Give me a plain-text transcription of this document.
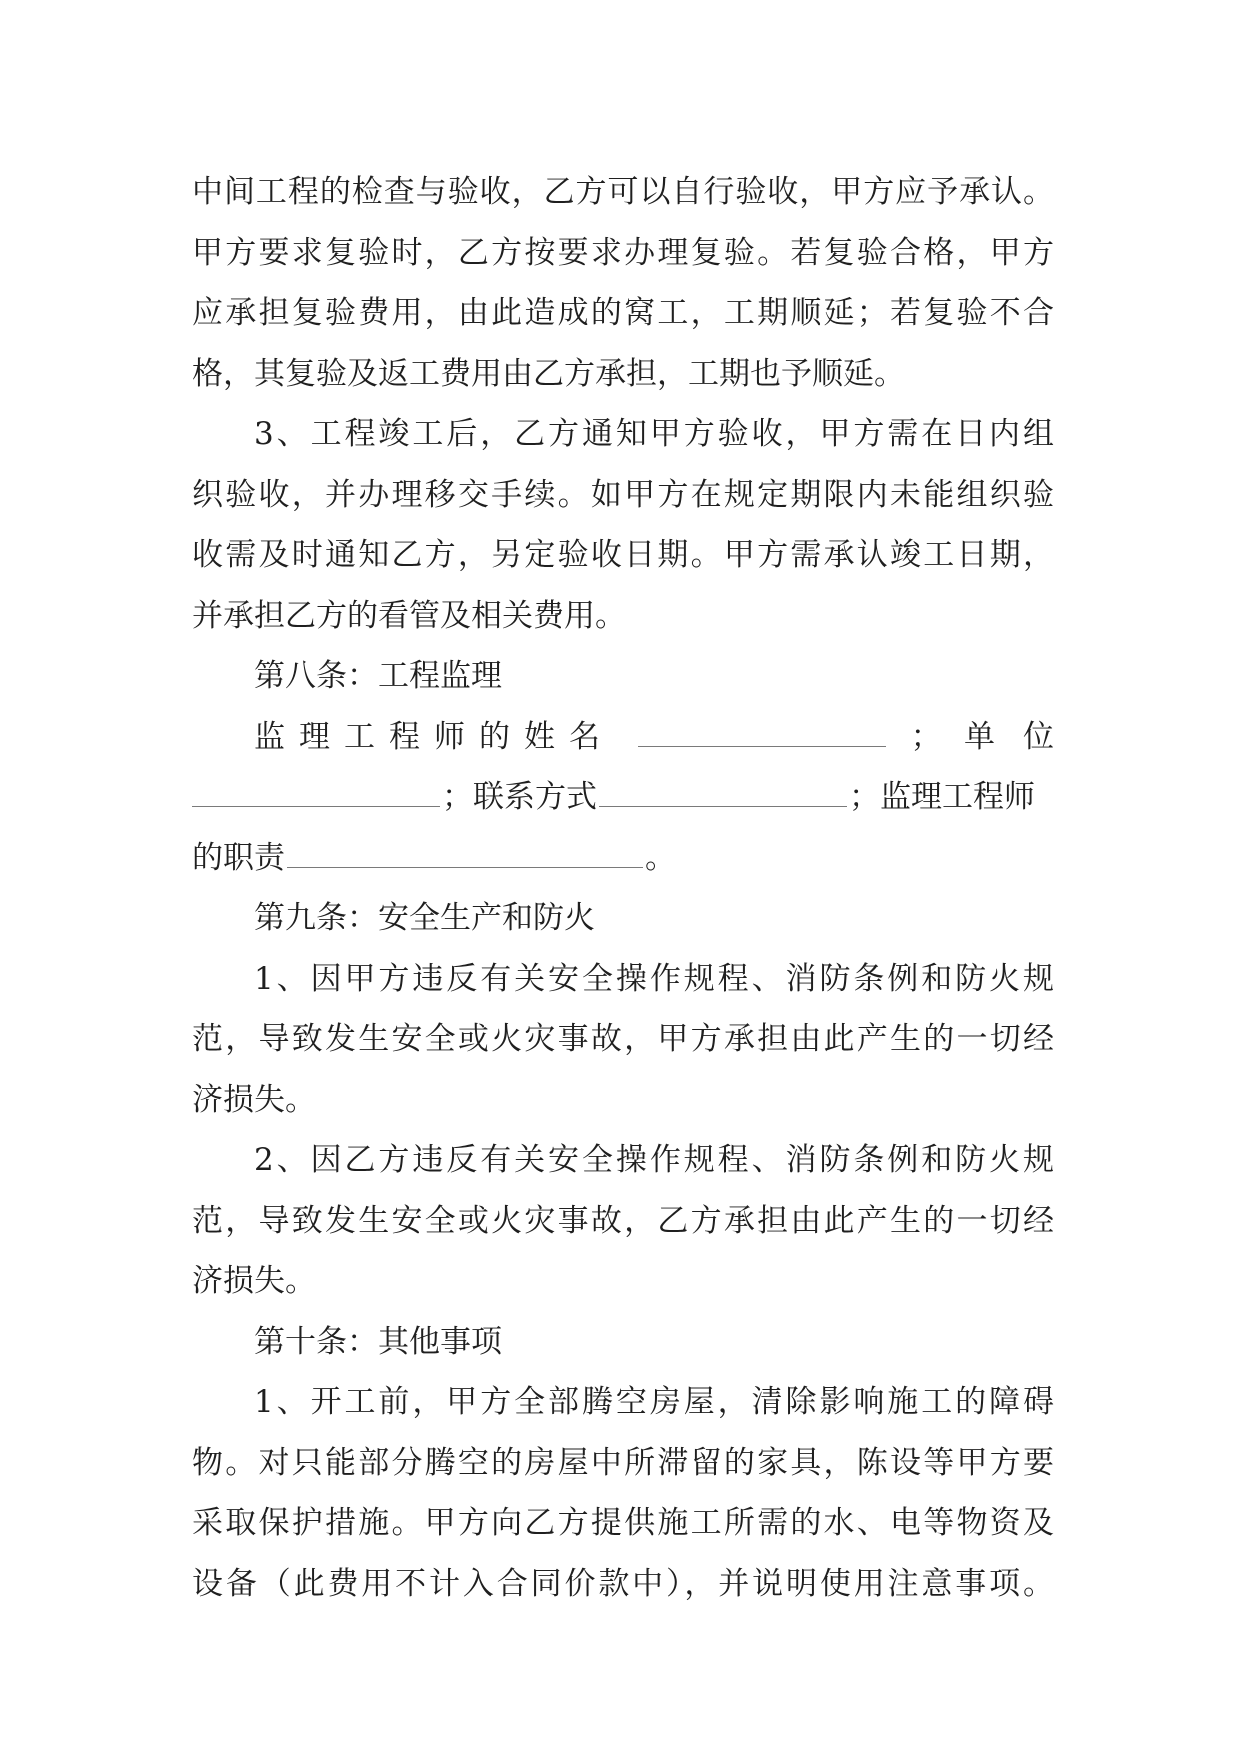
中间工程的检查与验收，乙方可以自行验收，甲方应予承认。
甲方要求复验时，乙方按要求办理复验。若复验合格，甲方
应承担复验费用，由此造成的窝工，工期顺延；若复验不合
格，其复验及返工费用由乙方承担，工期也予顺延。
3、工程竣工后，乙方通知甲方验收，甲方需在日内组
织验收，并办理移交手续。如甲方在规定期限内未能组织验
收需及时通知乙方，另定验收日期。甲方需承认竣工日期，
并承担乙方的看管及相关费用。
第八条：工程监理
监理工程师的姓名	； 单位
；联系方式	；监理工程师
的职责	。
第九条：安全生产和防火
1、因甲方违反有关安全操作规程、消防条例和防火规
范，导致发生安全或火灾事故，甲方承担由此产生的一切经
济损失。
2、因乙方违反有关安全操作规程、消防条例和防火规
范，导致发生安全或火灾事故，乙方承担由此产生的一切经
济损失。
第十条：其他事项
1、开工前，甲方全部腾空房屋，清除影响施工的障碍
物。对只能部分腾空的房屋中所滞留的家具，陈设等甲方要
采取保护措施。甲方向乙方提供施工所需的水、电等物资及
设备（此费用不计入合同价款中），并说明使用注意事项。
